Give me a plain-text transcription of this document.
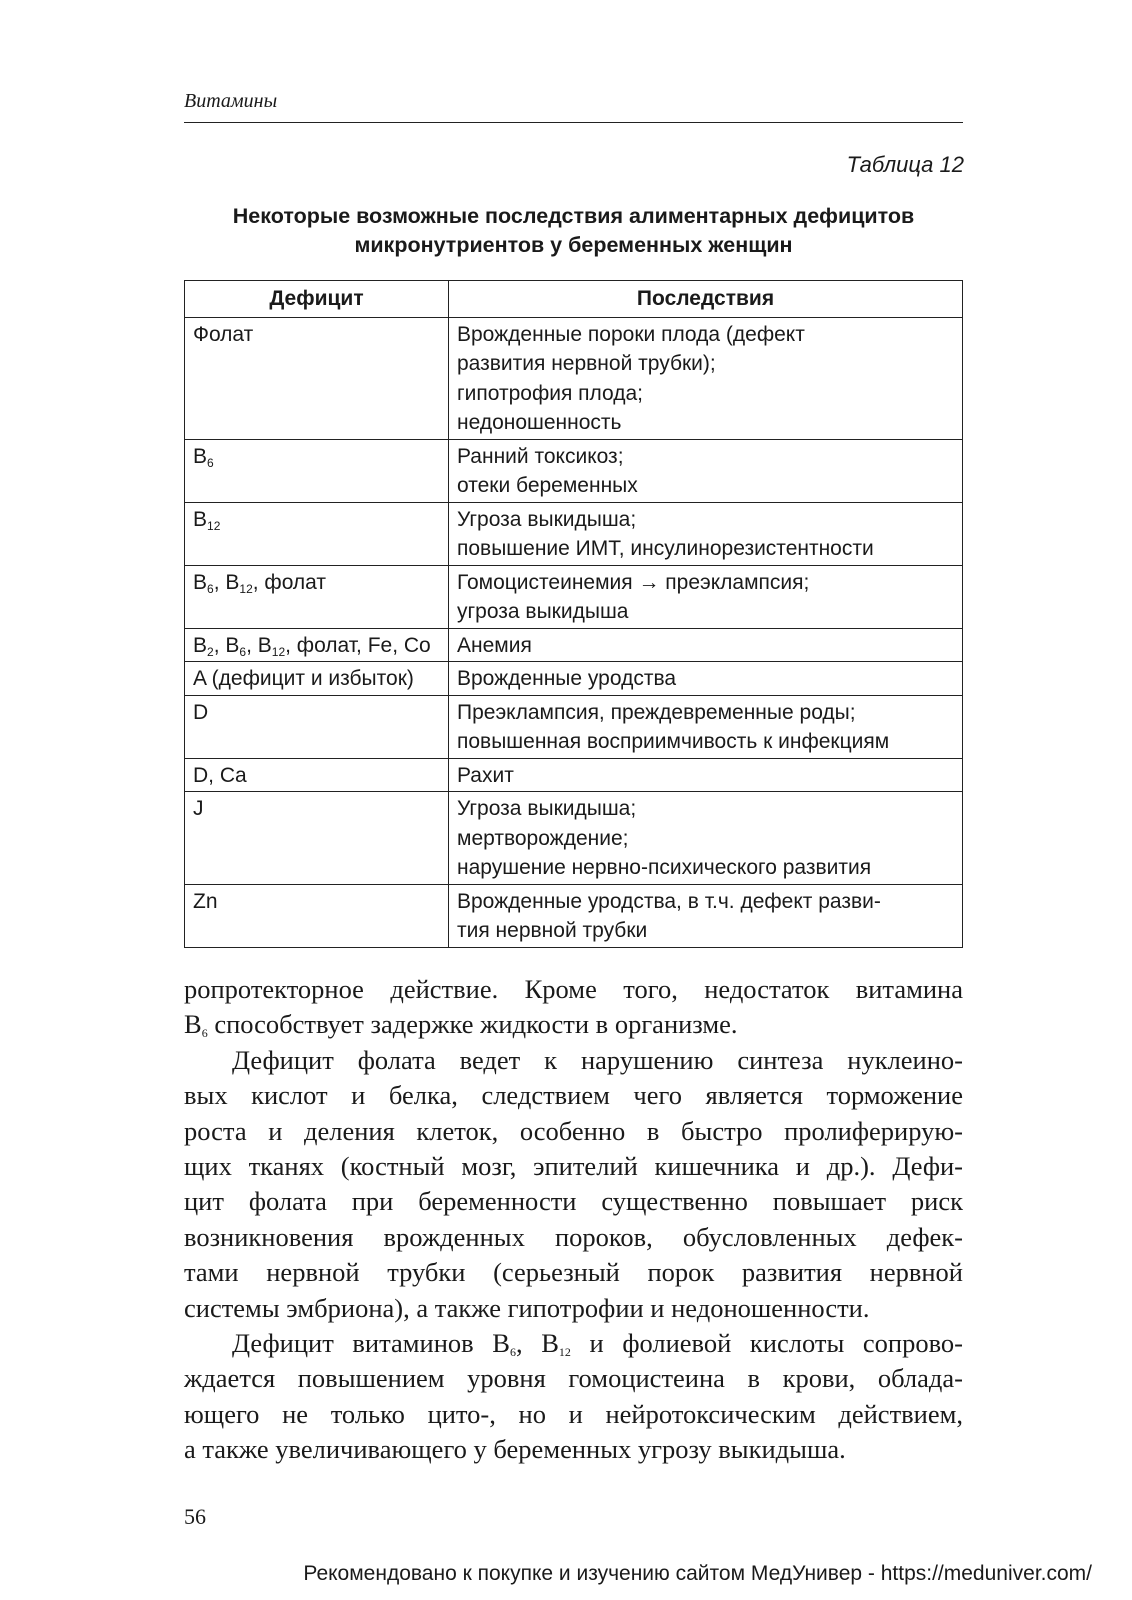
Витамины
Таблица 12
Некоторые возможные последствия алиментарных дефицитов
микронутриентов у беременных женщин
Дефицит	Последствия
Фолат	Врожденные пороки плода (дефект
развития нервной трубки);
гипотрофия плода;
недоношенность

$B_6$	Ранний токсикоз;
отеки беременных

$B_{12}$	Угроза выкидыша;
повышение ИМТ, инсулинорезистентности

$B_6$, $B_{12}$, фолат	Гомоцистеинемия → преэклампсия;
угроза выкидыша

$B_2$, $B_6$, $B_{12}$, фолат, Fe, Co	Анемия

A (дефицит и избыток)	Врожденные уродства

D	Преэклампсия, преждевременные роды;
повышенная восприимчивость к инфекциям

D, Ca	Рахит

J	Угроза выкидыша;
мертворождение;
нарушение нервно-психического развития

Zn	Врожденные уродства, в т.ч. дефект разви-
тия нервной трубки
ропротекторное действие. Кроме того, недостаток витамина
$B_6$ способствует задержке жидкости в организме.
Дефицит фолата ведет к нарушению синтеза нуклеино-
вых кислот и белка, следствием чего является торможение
роста и деления клеток, особенно в быстро пролиферирую-
щих тканях (костный мозг, эпителий кишечника и др.). Дефи-
цит фолата при беременности существенно повышает риск
возникновения врожденных пороков, обусловленных дефек-
тами нервной трубки (серьезный порок развития нервной
системы эмбриона), а также гипотрофии и недоношенности.
Дефицит витаминов $B_6$, $B_{12}$ и фолиевой кислоты сопрово-
ждается повышением уровня гомоцистеина в крови, облада-
ющего не только цито-, но и нейротоксическим действием,
а также увеличивающего у беременных угрозу выкидыша.
56
Рекомендовано к покупке и изучению сайтом МедУнивер - https://meduniver.com/
